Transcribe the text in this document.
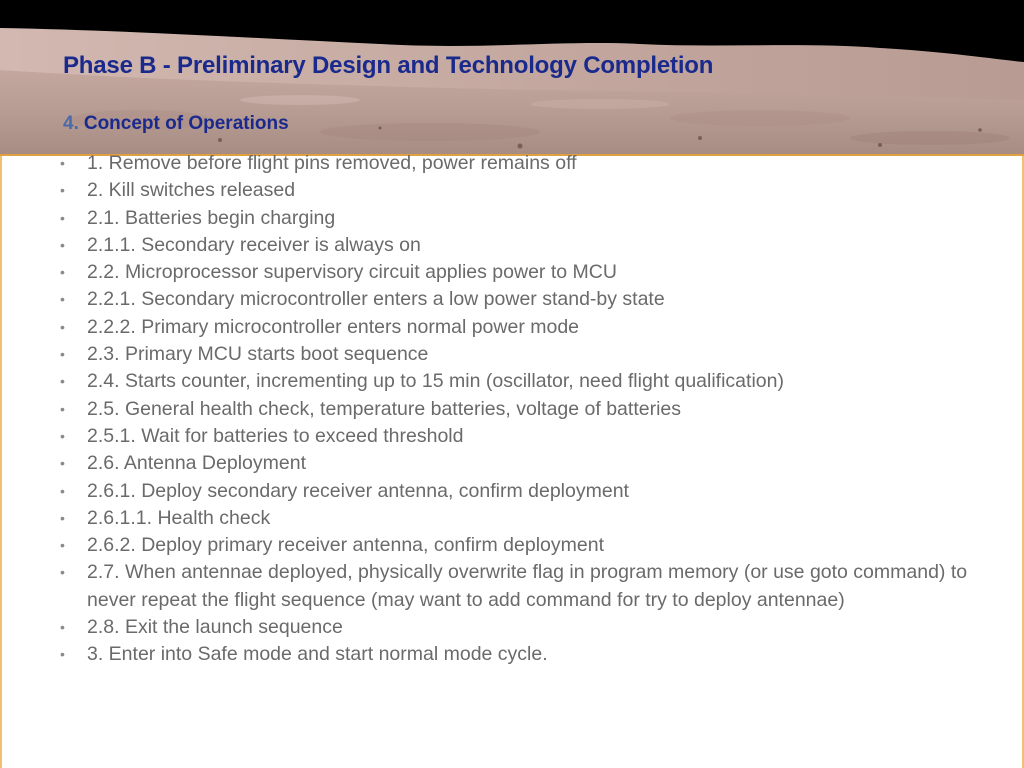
Phase B - Preliminary Design and Technology Completion
4. Concept of Operations
• 1. Remove before flight pins removed, power remains off
• 2. Kill switches released
• 2.1. Batteries begin charging
• 2.1.1. Secondary receiver is always on
• 2.2. Microprocessor supervisory circuit applies power to MCU
• 2.2.1. Secondary microcontroller enters a low power stand-by state
• 2.2.2. Primary microcontroller enters normal power mode
• 2.3. Primary MCU starts boot sequence
• 2.4. Starts counter, incrementing up to 15 min (oscillator, need flight qualification)
• 2.5. General health check, temperature batteries, voltage of batteries
• 2.5.1. Wait for batteries to exceed threshold
• 2.6. Antenna Deployment
• 2.6.1. Deploy secondary receiver antenna, confirm deployment
• 2.6.1.1. Health check
• 2.6.2. Deploy primary receiver antenna, confirm deployment
• 2.7. When antennae deployed, physically overwrite flag in program memory (or use goto command) to never repeat the flight sequence (may want to add command for try to deploy antennae)
• 2.8. Exit the launch sequence
• 3. Enter into Safe mode and start normal mode cycle.
